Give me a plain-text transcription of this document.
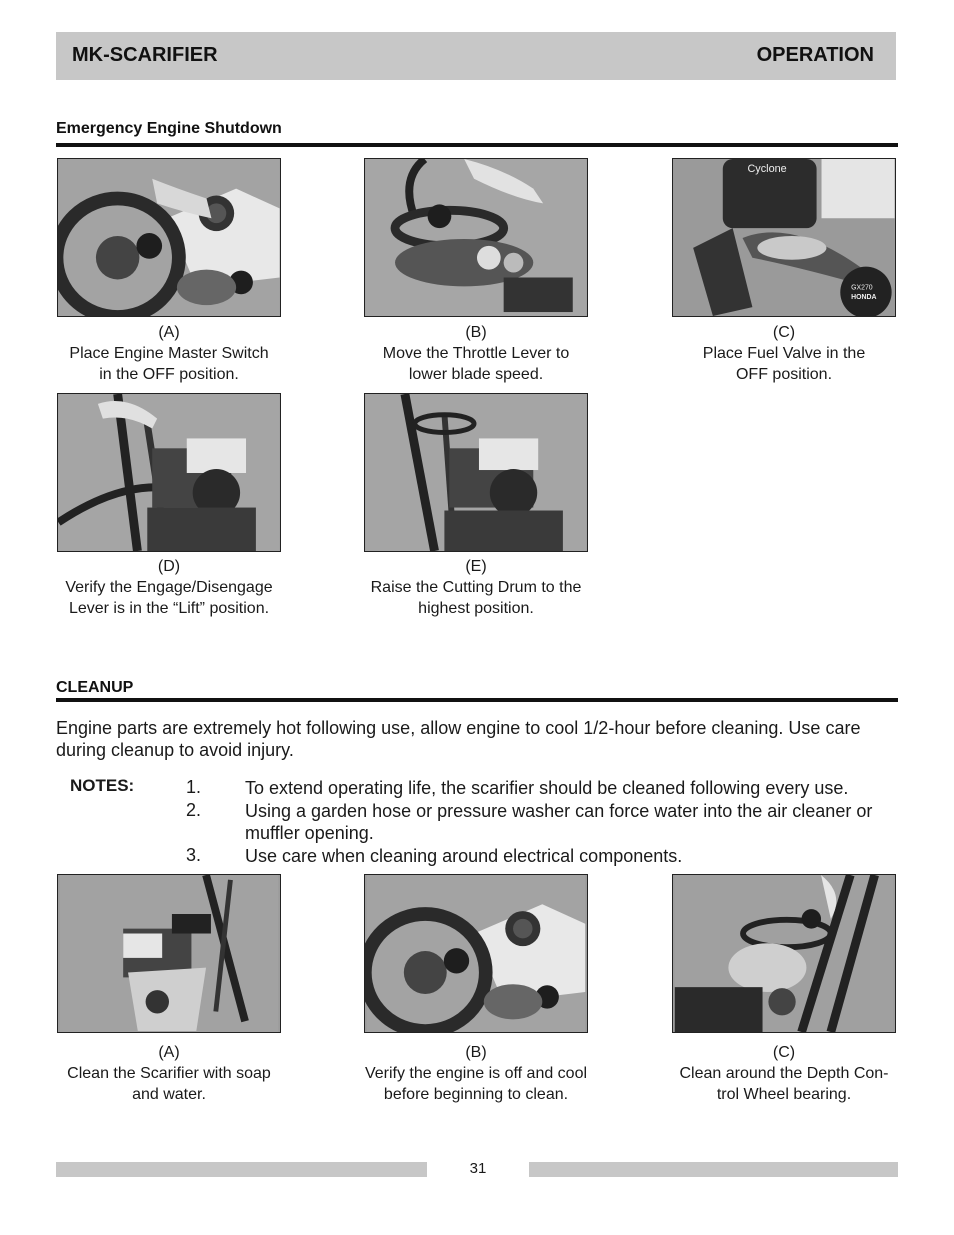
MK-SCARIFIER	OPERATION
Emergency Engine Shutdown
(A)
Place Engine Master Switch
in the OFF position.
(B)
Move the Throttle Lever to
lower blade speed.
Cyclone
GX270
HONDA
(C)
Place Fuel Valve in the
OFF position.
(D)
Verify the Engage/Disengage
Lever is in the “Lift” position.
(E)
Raise the Cutting Drum to the
highest position.
CLEANUP
Engine parts are extremely hot following use, allow engine to cool 1/2-hour before cleaning. Use care during cleanup to avoid injury.
NOTES:	1. To extend operating life, the scarifier should be cleaned following every use.
2. Using a garden hose or pressure washer can force water into the air cleaner or muffler opening.
3. Use care when cleaning around electrical components.
(A)
Clean the Scarifier with soap
and water.
(B)
Verify the engine is off and cool
before beginning to clean.
(C)
Clean around the Depth Con-
trol Wheel bearing.
31
